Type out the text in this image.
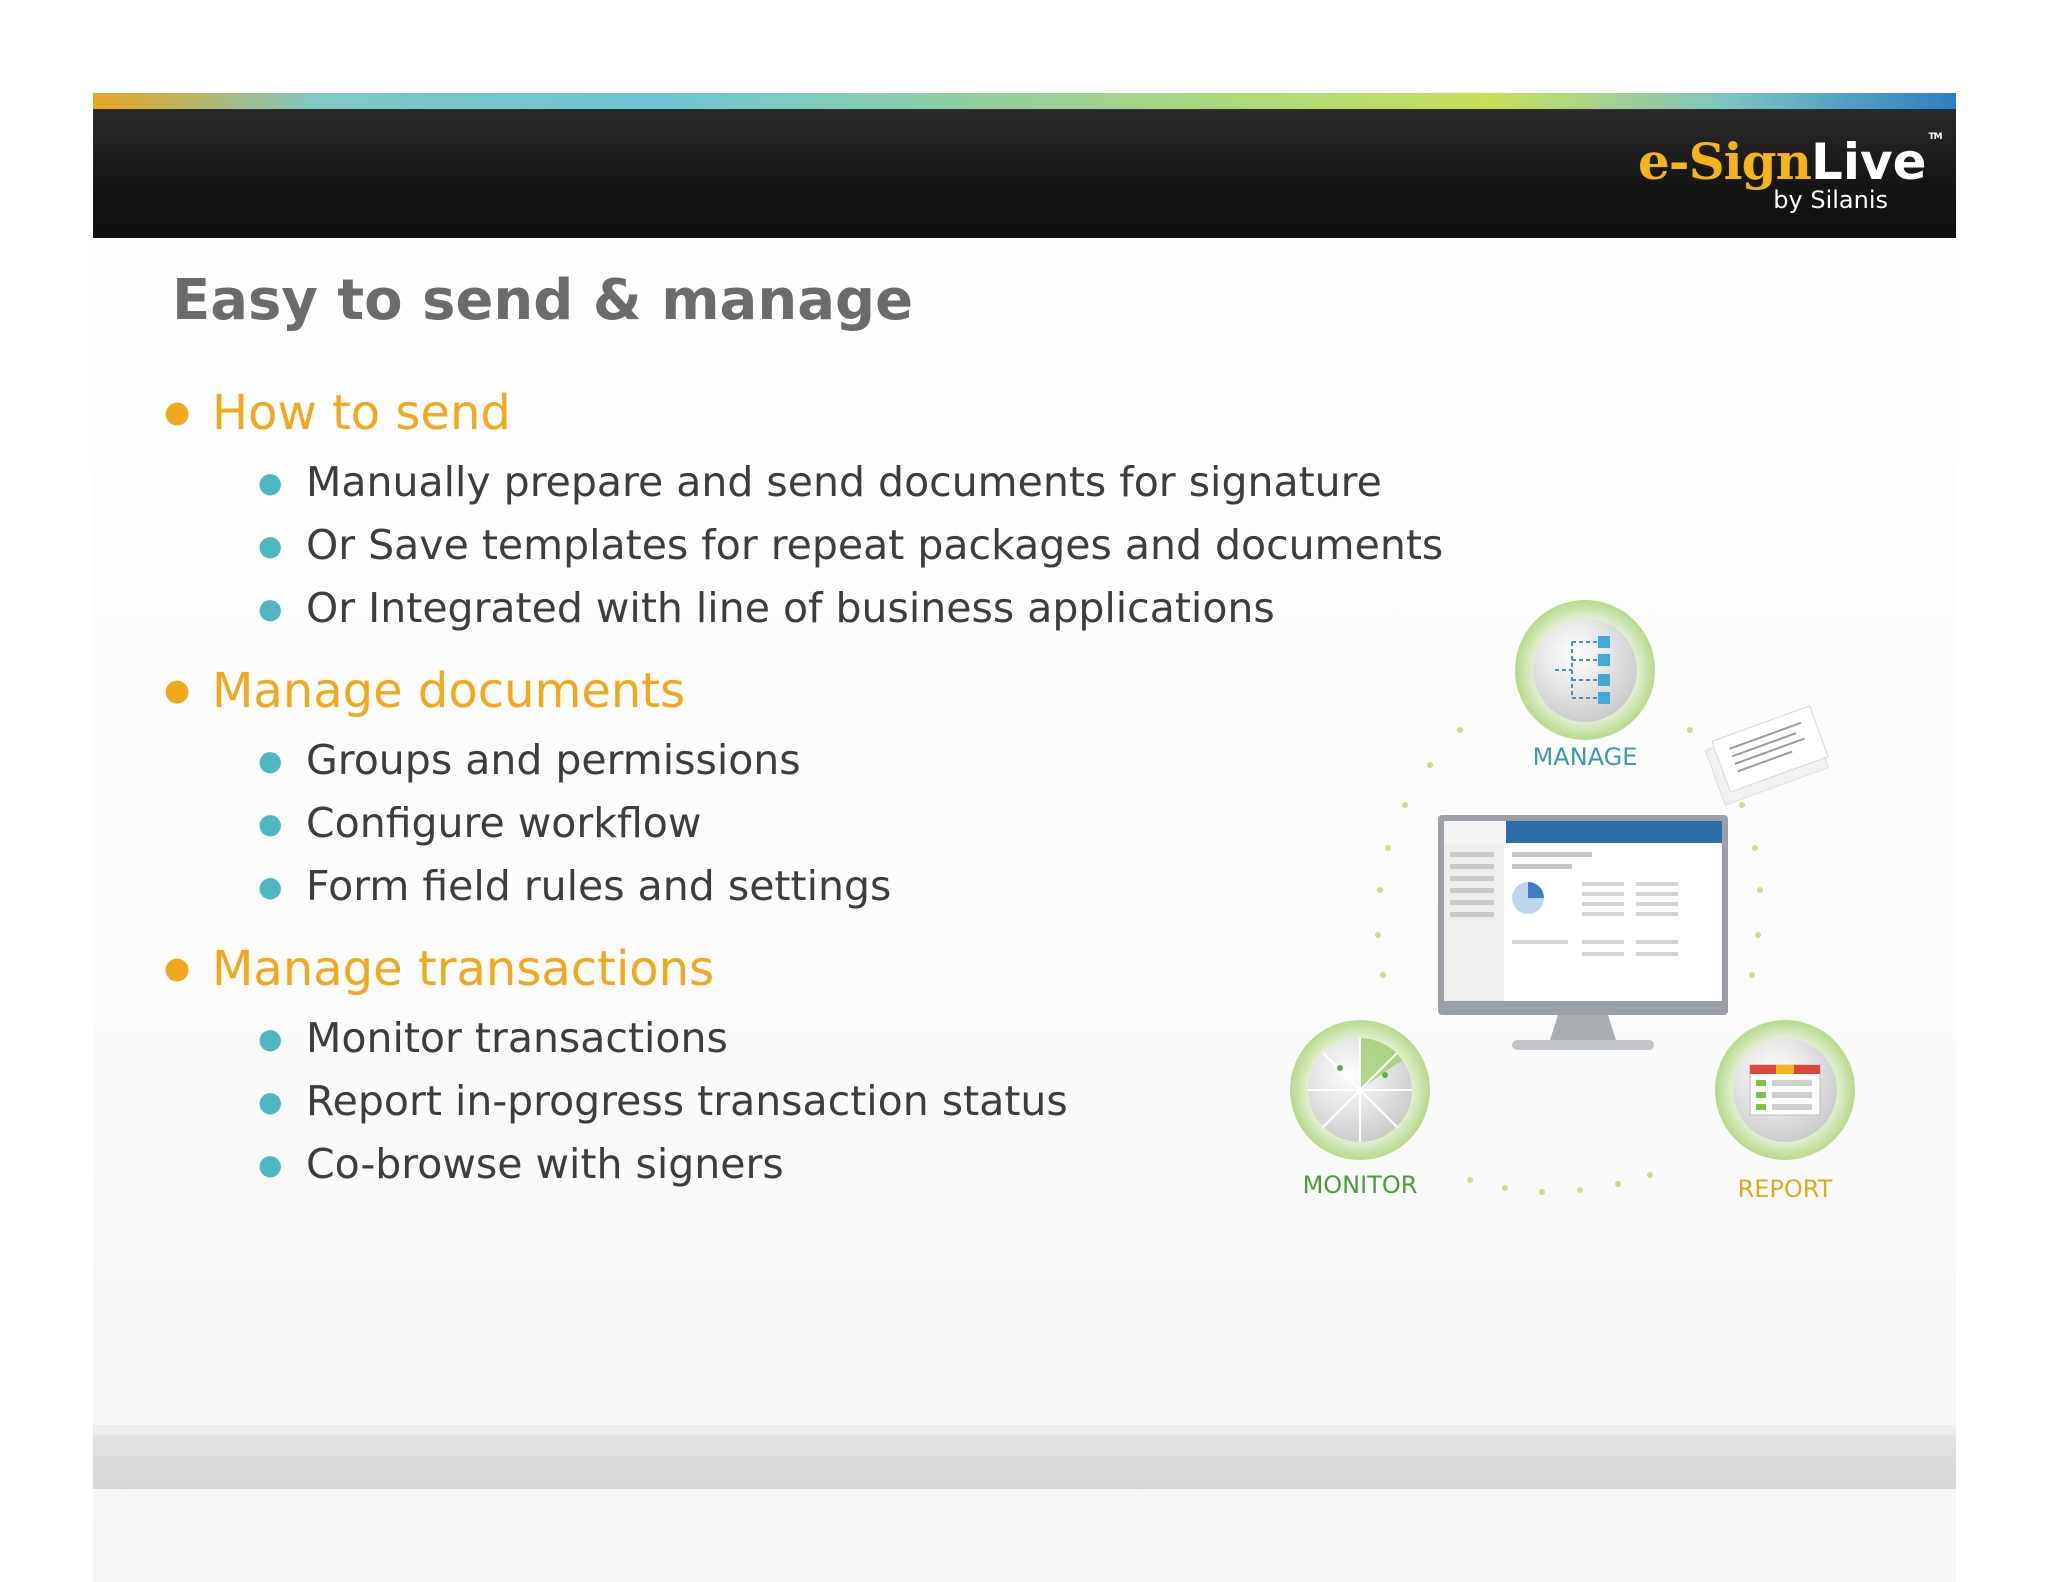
e-SignLive ™
by Silanis
Easy to send & manage

● How to send

● Manually prepare and send documents for signature

● Or Save templates for repeat packages and documents

● Or Integrated with line of business applications

● Manage documents

● Groups and permissions

● Configure workflow

● Form field rules and settings

● Manage transactions

● Monitor transactions

● Report in-progress transaction status

● Co-browse with signers

MANAGE
MONITOR	REPORT
